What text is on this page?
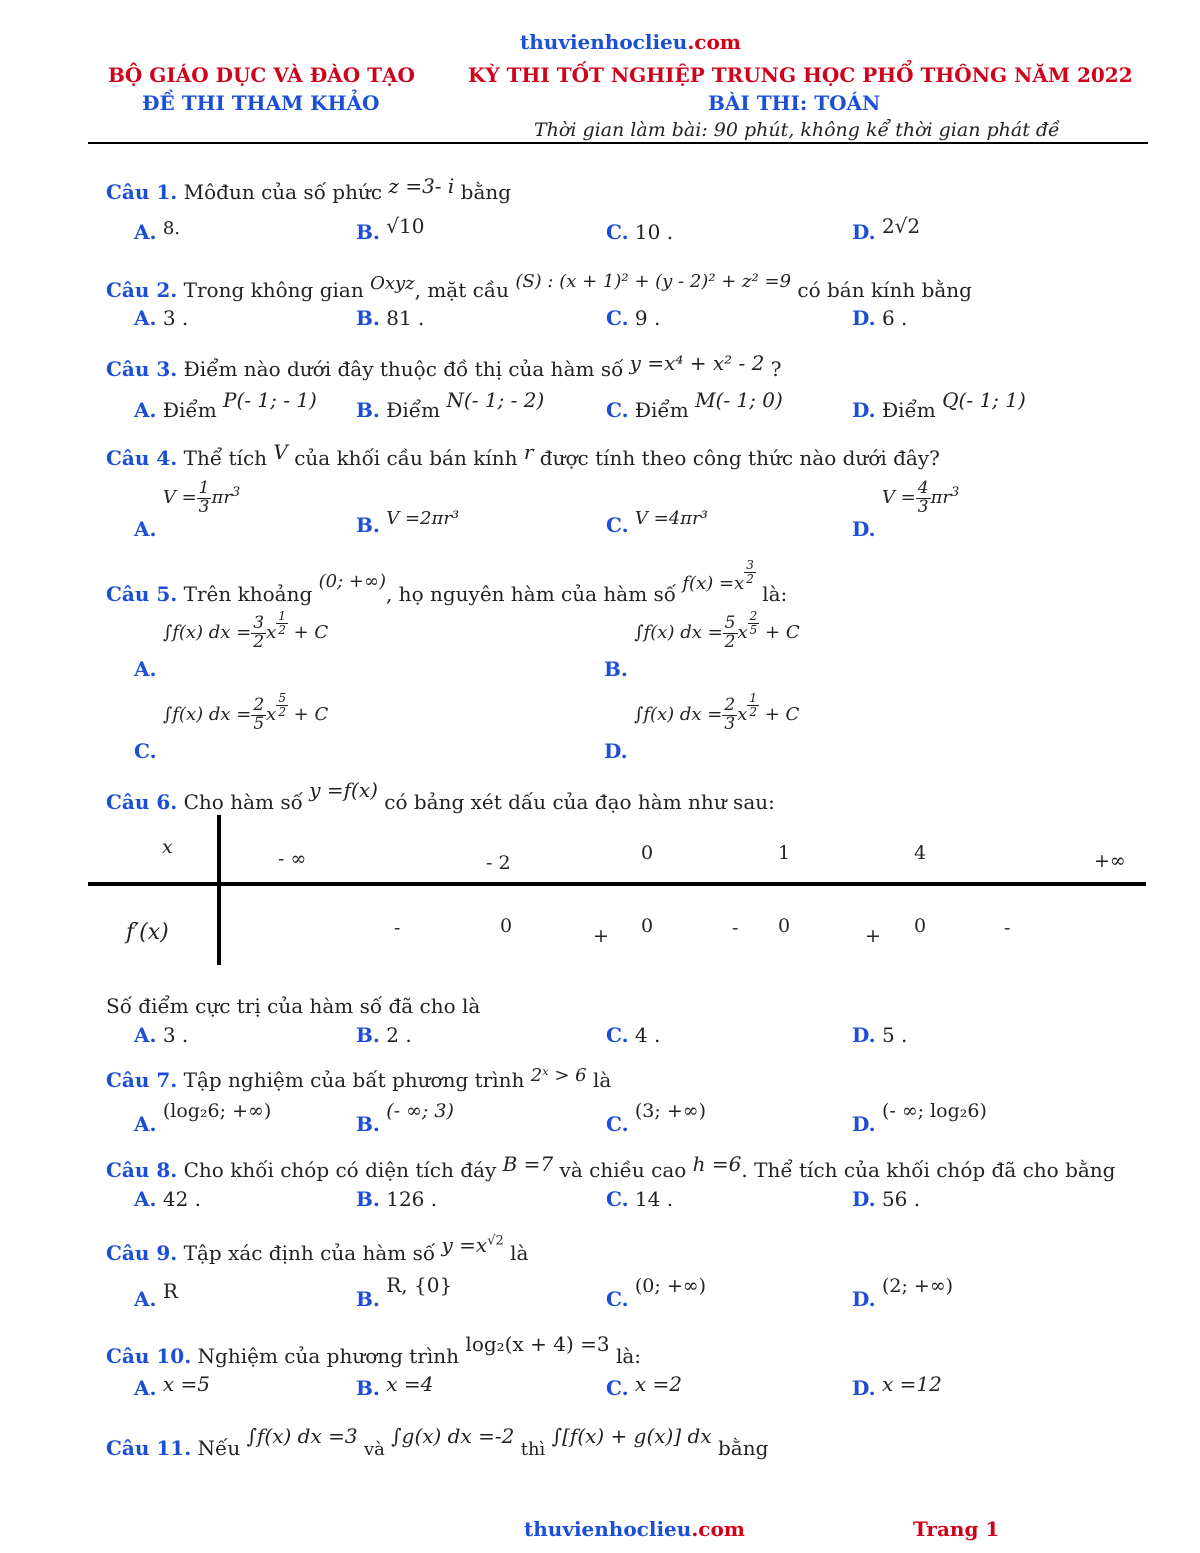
thuvienhoclieu.com
BỘ GIÁO DỤC VÀ ĐÀO TẠO
ĐỀ THI THAM KHẢO
KỲ THI TỐT NGHIỆP TRUNG HỌC PHỔ THÔNG NĂM 2022
BÀI THI: TOÁN
Thời gian làm bài: 90 phút, không kể thời gian phát đề
Câu 1. Môđun của số phức z =3- i bằng
A. 8.	B. √10	C. 10 .	D. 2√2
Câu 2. Trong không gian Oxyz, mặt cầu (S) : (x + 1)² + (y - 2)² + z² =9 có bán kính bằng
A. 3 .	B. 81 .	C. 9 .	D. 6 .
Câu 3. Điểm nào dưới đây thuộc đồ thị của hàm số y =x⁴ + x² - 2 ?
A. Điểm P(- 1; - 1) B. Điểm N(- 1; - 2)	C. Điểm M(- 1; 0)	D. Điểm Q(- 1; 1)
Câu 4. Thể tích V của khối cầu bán kính r được tính theo công thức nào dưới đây?
A. $V = \frac{1}{3} \pi r^3$
B. V =2πr³	C. V =4πr³	D. $V = \frac{4}{3} \pi r^3$
Câu 5. Trên khoảng (0; +∞), họ nguyên hàm của hàm số $f(x) =x \frac{3}{2}$
là:
A. ∫f(x) dx = $\frac{3}{2}$ x $\frac{1}{2} + C$
B. ∫f(x) dx = $\frac{5}{2}$ x $\frac{2}{5} + C$
C. ∫f(x) dx = $\frac{2}{5}$ x $\frac{5}{2} + C$
D. ∫f(x) dx = $\frac{2}{3}$ x $\frac{1}{2} + C$
Câu 6. Cho hàm số y =f(x) có bảng xét dấu của đạo hàm như sau:
x
- ∞	- 2	0	1	4	+∞
f′(x)	-	0	+ 0	- 0	+ 0	-
Số điểm cực trị của hàm số đã cho là
A. 3 .	B. 2 .	C. 4 .	D. 5 .
Câu 7. Tập nghiệm của bất phương trình 2ˣ > 6 là
A. (log₂6; +∞)
B. (- ∞; 3)
C. (3; +∞)
D. (- ∞; log₂6)
Câu 8. Cho khối chóp có diện tích đáy B =7 và chiều cao h =6. Thể tích của khối chóp đã cho bằng
A. 42 .	B. 126 .	C. 14 .	D. 56 .
Câu 9. Tập xác định của hàm số $y =x^{√2}$ là
A. R	B. R, {0}
C. (0; +∞)
D. (2; +∞)
Câu 10. Nghiệm của phương trình log₂(x + 4) =3 là:
A. x =5	B. x =4	C. x =2	D. x =12
Câu 11. Nếu ∫f(x) dx =3 và ∫g(x) dx =-2 thì ∫[f(x) + g(x)] dx bằng
thuvienhoclieu.com	Trang 1
